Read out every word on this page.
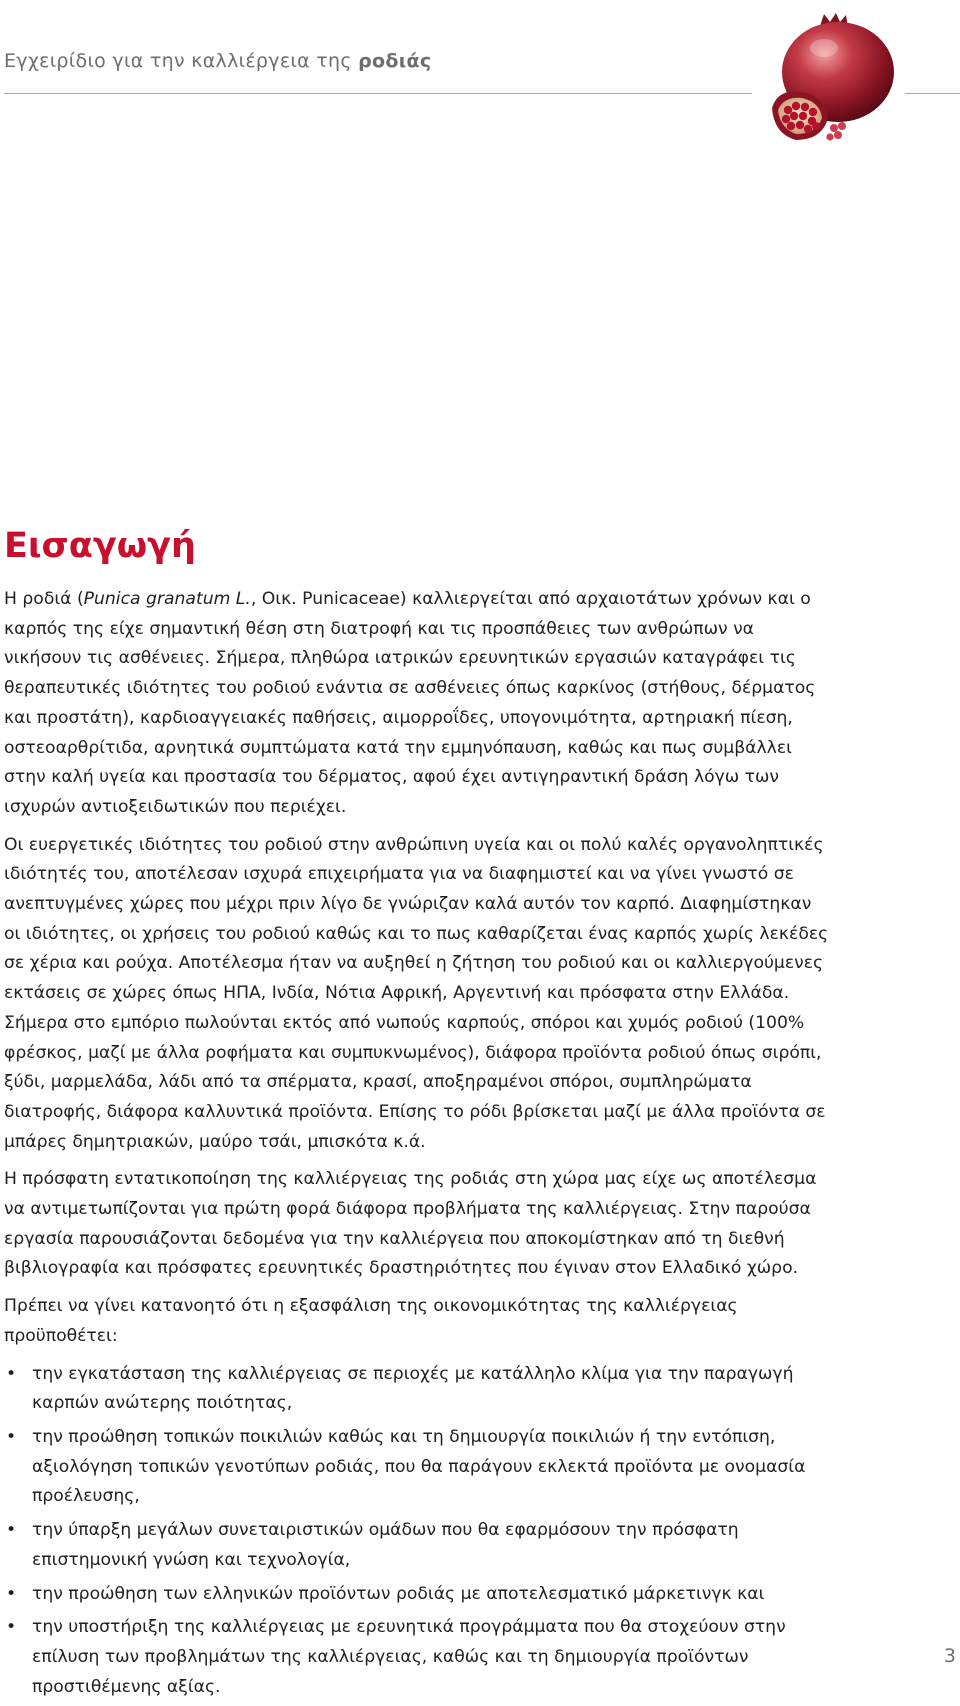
Εγχειρίδιο για την καλλιέργεια της ροδιάς
Εισαγωγή

Η ροδιά (Punica granatum L., Οικ. Punicaceae) καλλιεργείται από αρχαιοτάτων χρόνων και ο καρπός της είχε σημαντική θέση στη διατροφή και τις προσπάθειες των ανθρώπων να νικήσουν τις ασθένειες. Σήμερα, πληθώρα ιατρικών ερευνητικών εργασιών καταγράφει τις θεραπευτικές ιδιότητες του ροδιού ενάντια σε ασθένειες όπως καρκίνος (στήθους, δέρματος και προστάτη), καρδιοαγγειακές παθήσεις, αιμορροΐδες, υπογονιμότητα, αρτηριακή πίεση, οστεοαρθρίτιδα, αρνητικά συμπτώματα κατά την εμμηνόπαυση, καθώς και πως συμβάλλει στην καλή υγεία και προστασία του δέρματος, αφού έχει αντιγηραντική δράση λόγω των ισχυρών αντιοξειδωτικών που περιέχει.

Οι ευεργετικές ιδιότητες του ροδιού στην ανθρώπινη υγεία και οι πολύ καλές οργανοληπτικές ιδιότητές του, αποτέλεσαν ισχυρά επιχειρήματα για να διαφημιστεί και να γίνει γνωστό σε ανεπτυγμένες χώρες που μέχρι πριν λίγο δε γνώριζαν καλά αυτόν τον καρπό. Διαφημίστηκαν οι ιδιότητες, οι χρήσεις του ροδιού καθώς και το πως καθαρίζεται ένας καρπός χωρίς λεκέδες σε χέρια και ρούχα. Αποτέλεσμα ήταν να αυξηθεί η ζήτηση του ροδιού και οι καλλιεργούμενες εκτάσεις σε χώρες όπως ΗΠΑ, Ινδία, Νότια Αφρική, Αργεντινή και πρόσφατα στην Ελλάδα. Σήμερα στο εμπόριο πωλούνται εκτός από νωπούς καρπούς, σπόροι και χυμός ροδιού (100% φρέσκος, μαζί με άλλα ροφήματα και συμπυκνωμένος), διάφορα προϊόντα ροδιού όπως σιρόπι, ξύδι, μαρμελάδα, λάδι από τα σπέρματα, κρασί, αποξηραμένοι σπόροι, συμπληρώματα διατροφής, διάφορα καλλυντικά προϊόντα. Επίσης το ρόδι βρίσκεται μαζί με άλλα προϊόντα σε μπάρες δημητριακών, μαύρο τσάι, μπισκότα κ.ά.

Η πρόσφατη εντατικοποίηση της καλλιέργειας της ροδιάς στη χώρα μας είχε ως αποτέλεσμα να αντιμετωπίζονται για πρώτη φορά διάφορα προβλήματα της καλλιέργειας. Στην παρούσα εργασία παρουσιάζονται δεδομένα για την καλλιέργεια που αποκομίστηκαν από τη διεθνή βιβλιογραφία και πρόσφατες ερευνητικές δραστηριότητες που έγιναν στον Ελλαδικό χώρο.

Πρέπει να γίνει κατανοητό ότι η εξασφάλιση της οικονομικότητας της καλλιέργειας προϋποθέτει:

• την εγκατάσταση της καλλιέργειας σε περιοχές με κατάλληλο κλίμα για την παραγωγή καρπών ανώτερης ποιότητας,
• την προώθηση τοπικών ποικιλιών καθώς και τη δημιουργία ποικιλιών ή την εντόπιση, αξιολόγηση τοπικών γενοτύπων ροδιάς, που θα παράγουν εκλεκτά προϊόντα με ονομασία προέλευσης,
• την ύπαρξη μεγάλων συνεταιριστικών ομάδων που θα εφαρμόσουν την πρόσφατη επιστημονική γνώση και τεχνολογία,
• την προώθηση των ελληνικών προϊόντων ροδιάς με αποτελεσματικό μάρκετινγκ και
• την υποστήριξη της καλλιέργειας με ερευνητικά προγράμματα που θα στοχεύουν στην επίλυση των προβλημάτων της καλλιέργειας, καθώς και τη δημιουργία προϊόντων προστιθέμενης αξίας.
3
